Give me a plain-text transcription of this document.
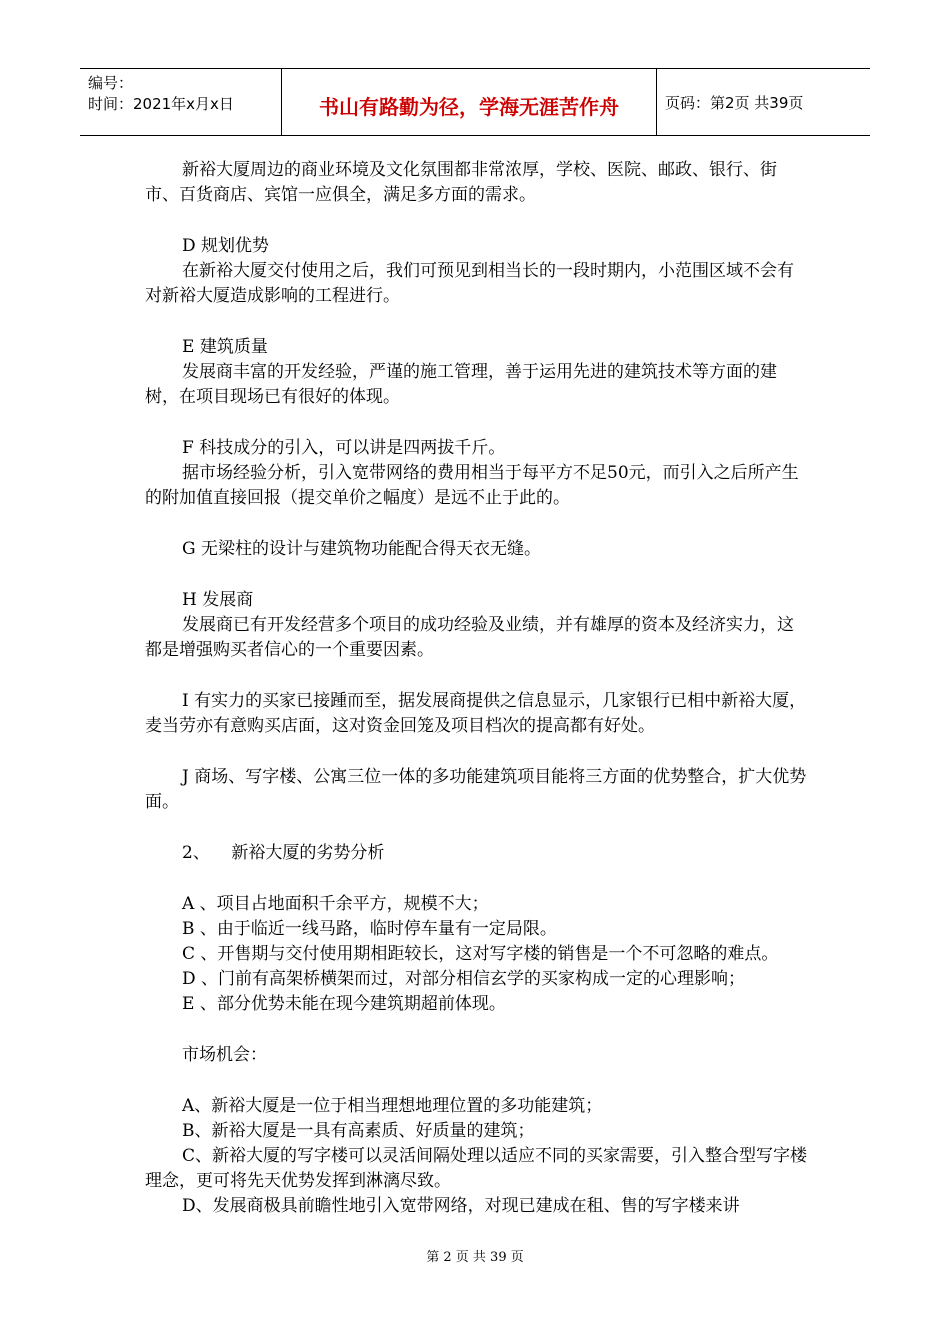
编号：
时间：2021年x月x日	书山有路勤为径，学海无涯苦作舟	页码：第2页 共39页

新裕大厦周边的商业环境及文化氛围都非常浓厚，学校、医院、邮政、银行、街市、百货商店、宾馆一应俱全，满足多方面的需求。

D 规划优势

在新裕大厦交付使用之后，我们可预见到相当长的一段时期内，小范围区域不会有对新裕大厦造成影响的工程进行。

E 建筑质量

发展商丰富的开发经验，严谨的施工管理，善于运用先进的建筑技术等方面的建树，在项目现场已有很好的体现。

F 科技成分的引入，可以讲是四两拔千斤。

据市场经验分析，引入宽带网络的费用相当于每平方不足50元，而引入之后所产生的附加值直接回报（提交单价之幅度）是远不止于此的。

G 无梁柱的设计与建筑物功能配合得天衣无缝。

H 发展商

发展商已有开发经营多个项目的成功经验及业绩，并有雄厚的资本及经济实力，这都是增强购买者信心的一个重要因素。

I 有实力的买家已接踵而至，据发展商提供之信息显示，几家银行已相中新裕大厦，麦当劳亦有意购买店面，这对资金回笼及项目档次的提高都有好处。

J 商场、写字楼、公寓三位一体的多功能建筑项目能将三方面的优势整合，扩大优势面。

2、    新裕大厦的劣势分析

A 、项目占地面积千余平方，规模不大；

B 、由于临近一线马路，临时停车量有一定局限。

C 、开售期与交付使用期相距较长，这对写字楼的销售是一个不可忽略的难点。

D 、门前有高架桥横架而过，对部分相信玄学的买家构成一定的心理影响；

E 、部分优势未能在现今建筑期超前体现。

市场机会：

A、新裕大厦是一位于相当理想地理位置的多功能建筑；

B、新裕大厦是一具有高素质、好质量的建筑；

C、新裕大厦的写字楼可以灵活间隔处理以适应不同的买家需要，引入整合型写字楼理念，更可将先天优势发挥到淋漓尽致。

D、发展商极具前瞻性地引入宽带网络，对现已建成在租、售的写字楼来讲

第 2 页 共 39 页
